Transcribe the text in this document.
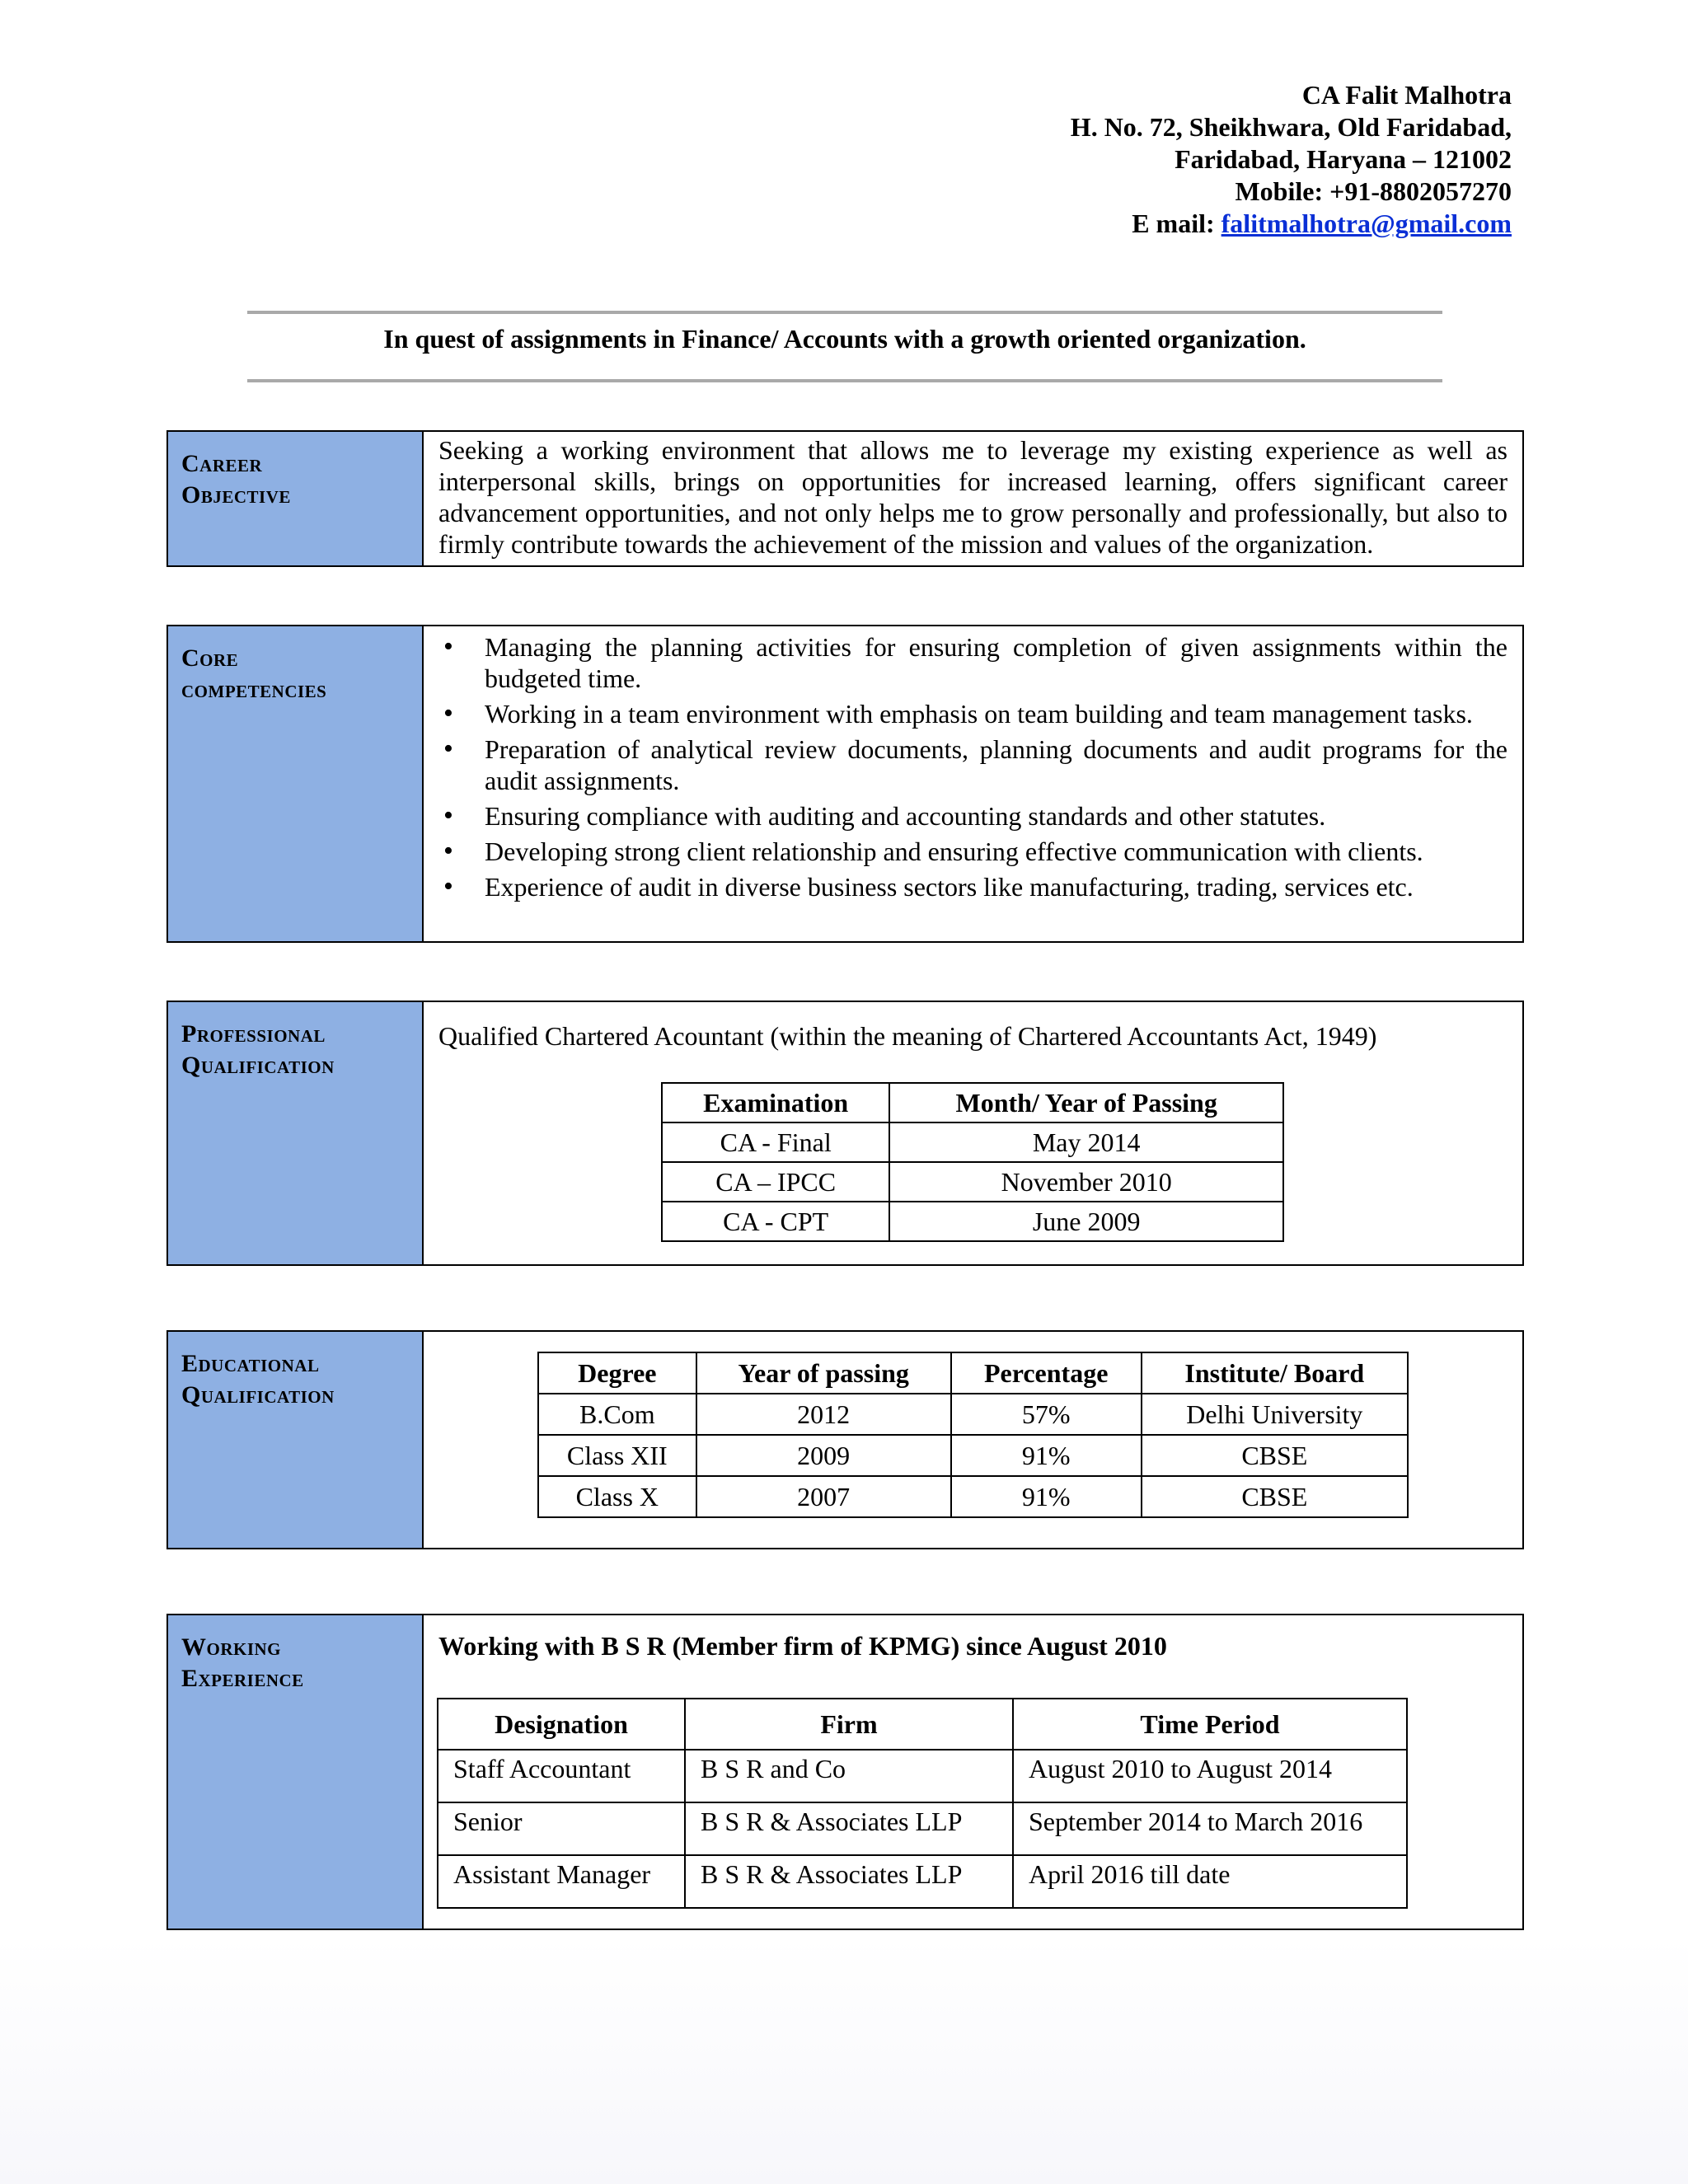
CA Falit Malhotra
H. No. 72, Sheikhwara, Old Faridabad,
Faridabad, Haryana – 121002
Mobile: +91-8802057270
E mail: falitmalhotra@gmail.com
In quest of assignments in Finance/ Accounts with a growth oriented organization.
Career
Objective
Seeking a working environment that allows me to leverage my existing experience as well as interpersonal skills, brings on opportunities for increased learning, offers significant career advancement opportunities, and not only helps me to grow personally and professionally, but also to firmly contribute towards the achievement of the mission and values of the organization.
Core
competencies
• Managing the planning activities for ensuring completion of given assignments within the budgeted time.
• Working in a team environment with emphasis on team building and team management tasks.
• Preparation of analytical review documents, planning documents and audit programs for the audit assignments.
• Ensuring compliance with auditing and accounting standards and other statutes.
• Developing strong client relationship and ensuring effective communication with clients.
• Experience of audit in diverse business sectors like manufacturing, trading, services etc.
Professional
Qualification
Qualified Chartered Acountant (within the meaning of Chartered Accountants Act, 1949)
Examination	Month/ Year of Passing
CA - Final	May 2014
CA – IPCC	November 2010
CA - CPT	June 2009
Educational
Qualification
Degree	Year of passing	Percentage	Institute/ Board
B.Com	2012	57%	Delhi University
Class XII	2009	91%	CBSE
Class X	2007	91%	CBSE
Working
Experience
Working with B S R (Member firm of KPMG) since August 2010
Designation	Firm	Time Period
Staff Accountant	B S R and Co	August 2010 to August 2014
Senior	B S R & Associates LLP	September 2014 to March 2016
Assistant Manager	B S R & Associates LLP	April 2016 till date
